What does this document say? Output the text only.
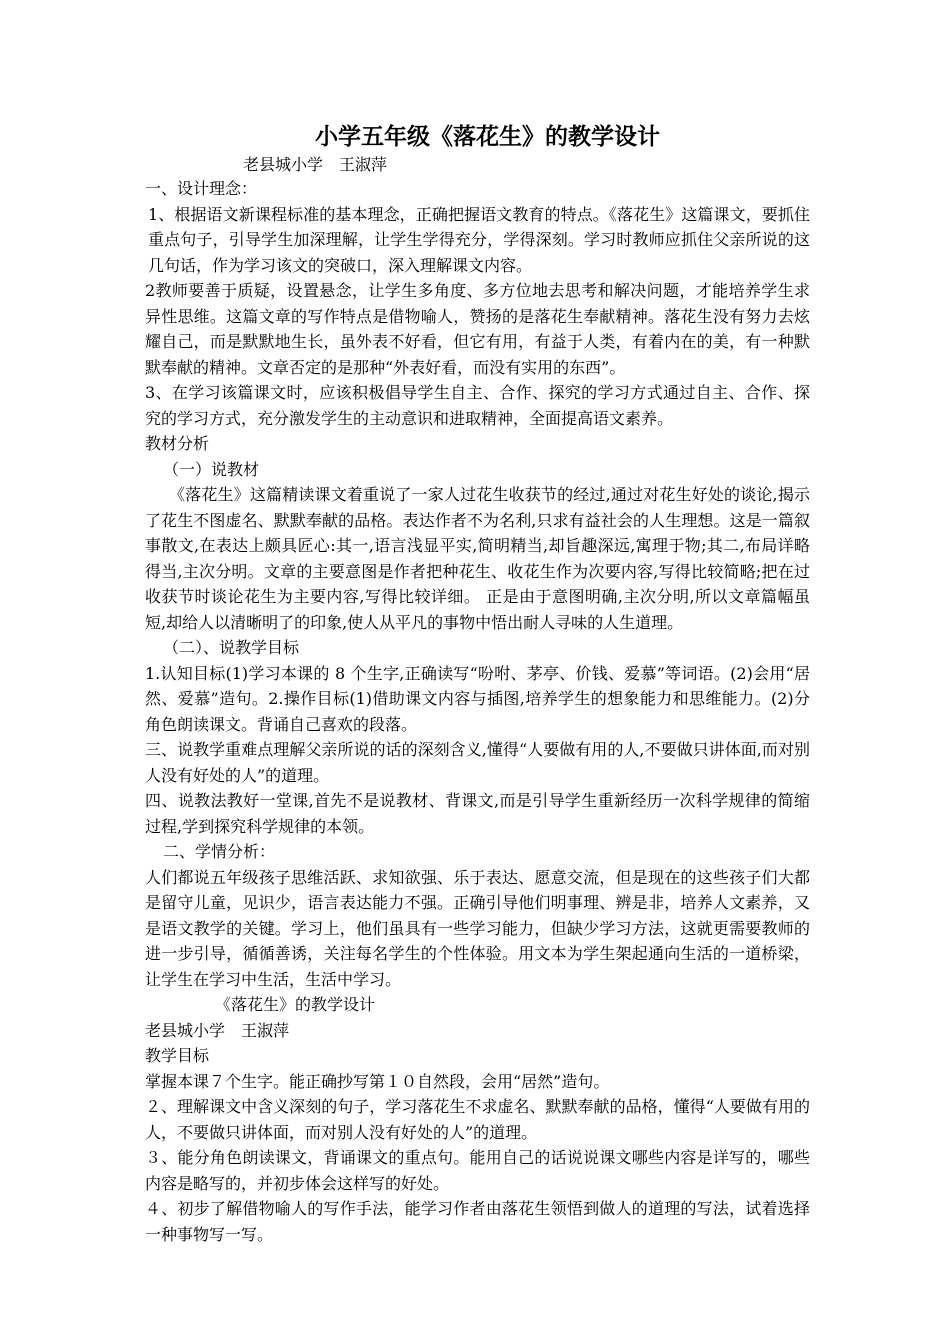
小学五年级《落花生》的教学设计

老县城小学　王淑萍

一、设计理念：

1、根据语文新课程标准的基本理念，正确把握语文教育的特点。《落花生》这篇课文，要抓住重点句子，引导学生加深理解，让学生学得充分，学得深刻。学习时教师应抓住父亲所说的这几句话，作为学习该文的突破口，深入理解课文内容。

2教师要善于质疑，设置悬念，让学生多角度、多方位地去思考和解决问题，才能培养学生求异性思维。这篇文章的写作特点是借物喻人，赞扬的是落花生奉献精神。落花生没有努力去炫耀自己，而是默默地生长，虽外表不好看，但它有用，有益于人类，有着内在的美，有一种默默奉献的精神。文章否定的是那种“外表好看，而没有实用的东西”。

3、在学习该篇课文时，应该积极倡导学生自主、合作、探究的学习方式通过自主、合作、探究的学习方式，充分激发学生的主动意识和进取精神，全面提高语文素养。

教材分析

（一）说教材

《落花生》这篇精读课文着重说了一家人过花生收获节的经过,通过对花生好处的谈论,揭示了花生不图虚名、默默奉献的品格。表达作者不为名利,只求有益社会的人生理想。这是一篇叙事散文,在表达上颇具匠心:其一,语言浅显平实,简明精当,却旨趣深远,寓理于物;其二,布局详略得当,主次分明。文章的主要意图是作者把种花生、收花生作为次要内容,写得比较简略;把在过收获节时谈论花生为主要内容,写得比较详细。 正是由于意图明确,主次分明,所以文章篇幅虽短,却给人以清晰明了的印象,使人从平凡的事物中悟出耐人寻味的人生道理。

（二）、说教学目标

1.认知目标(1)学习本课的 8 个生字,正确读写“吩咐、茅亭、价钱、爱慕”等词语。(2)会用“居然、爱慕”造句。2.操作目标(1)借助课文内容与插图,培养学生的想象能力和思维能力。(2)分角色朗读课文。背诵自己喜欢的段落。

三、说教学重难点理解父亲所说的话的深刻含义,懂得“人要做有用的人,不要做只讲体面,而对别人没有好处的人”的道理。

四、说教法教好一堂课,首先不是说教材、背课文,而是引导学生重新经历一次科学规律的简缩过程,学到探究科学规律的本领。

二、学情分析：

人们都说五年级孩子思维活跃、求知欲强、乐于表达、愿意交流，但是现在的这些孩子们大都是留守儿童，见识少，语言表达能力不强。正确引导他们明事理、辨是非，培养人文素养，又是语文教学的关键。学习上，他们虽具有一些学习能力，但缺少学习方法，这就更需要教师的进一步引导，循循善诱，关注每名学生的个性体验。用文本为学生架起通向生活的一道桥梁，让学生在学习中生活，生活中学习。

《落花生》的教学设计

老县城小学　王淑萍

教学目标

掌握本课７个生字。能正确抄写第１０自然段，会用“居然”造句。

２、理解课文中含义深刻的句子，学习落花生不求虚名、默默奉献的品格，懂得“人要做有用的人，不要做只讲体面，而对别人没有好处的人”的道理。

３、能分角色朗读课文，背诵课文的重点句。能用自己的话说说课文哪些内容是详写的，哪些内容是略写的，并初步体会这样写的好处。

４、初步了解借物喻人的写作手法，能学习作者由落花生领悟到做人的道理的写法，试着选择一种事物写一写。
